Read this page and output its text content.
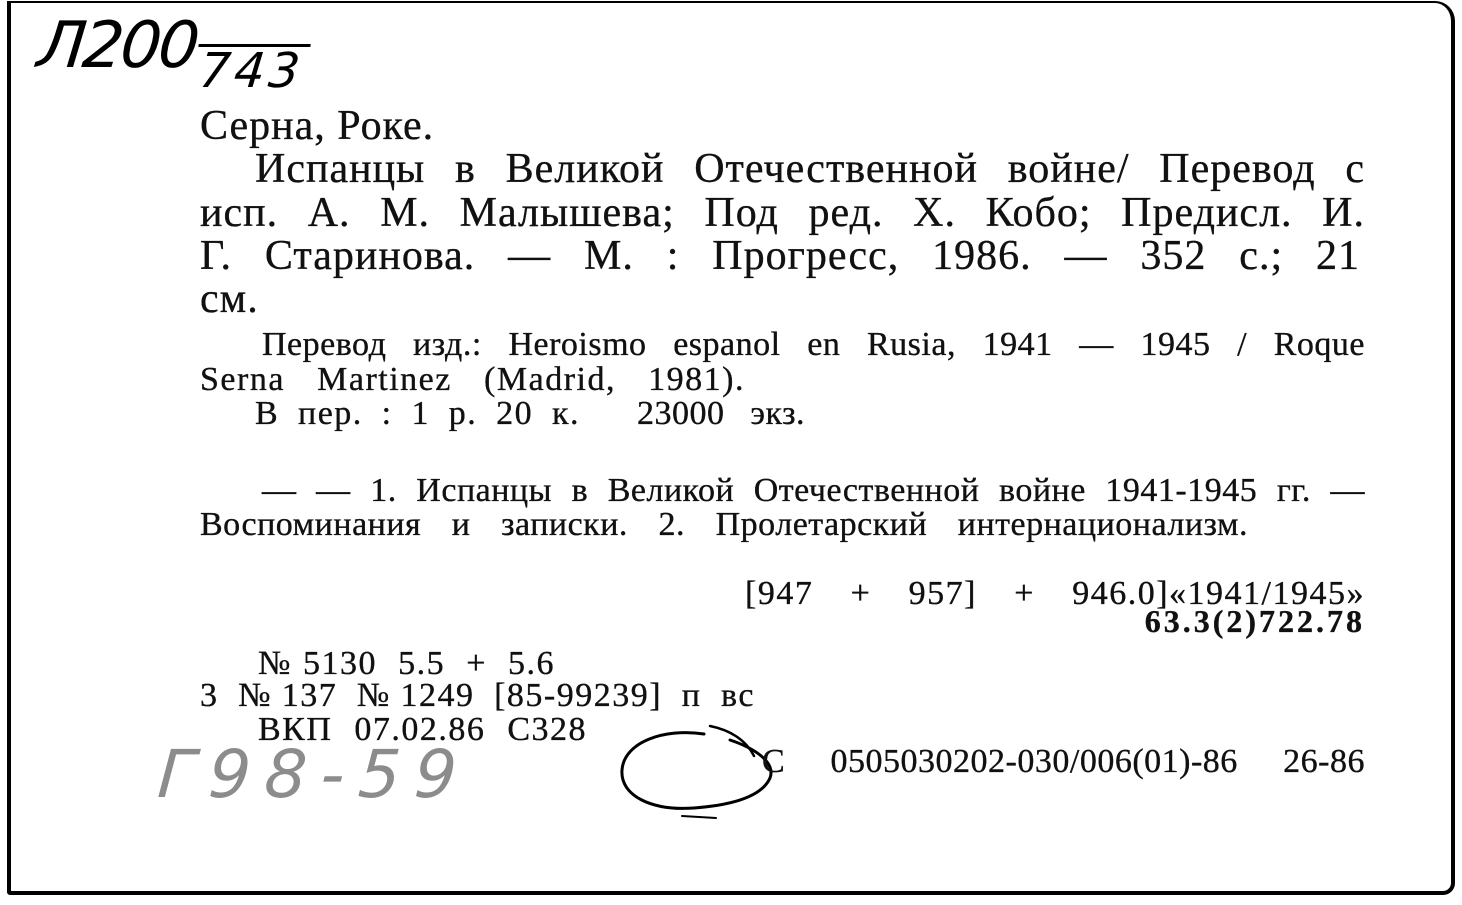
Л200
743
Серна, Роке.
Испанцы в Великой Отечественной войне/ Перевод с
исп. А. М. Малышева; Под ред. Х. Кобо; Предисл. И.
Г. Старинова. — М. : Прогресс, 1986. — 352 с.; 21
см.
Перевод изд.: Heroismo espanol en Rusia, 1941 — 1945 / Roque
Serna Martinez (Madrid, 1981).
В пер. : 1 р. 20 к. 23000 экз.
— — 1. Испанцы в Великой Отечественной войне 1941-1945 гг. —
Воспоминания и записки. 2. Пролетарский интернационализм.
[947 + 957] + 946.0]«1941/1945»
63.3(2)722.78
№5130 5.5 + 5.6
3 №137 №1249 [85-99239] п вс
ВКП 07.02.86 С328
С 0505030202-030/006(01)-86 26-86
Г98-59
